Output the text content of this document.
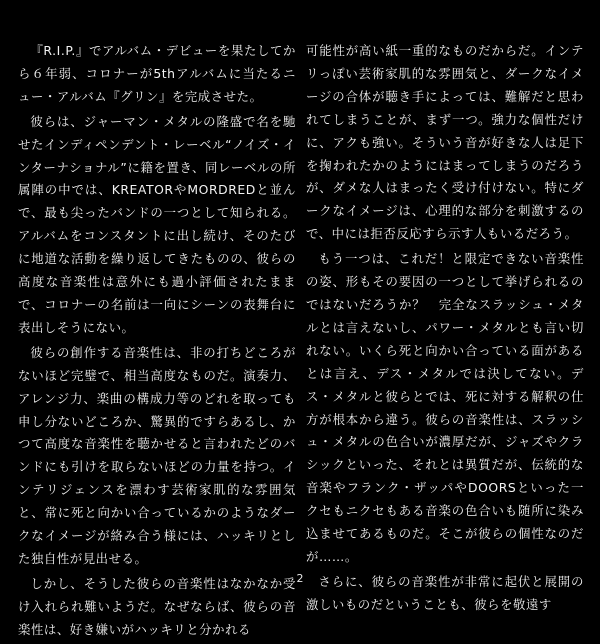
『R.I.P.』でアルバム・デビューを果たしてから６年弱、コロナーが5thアルバムに当たるニュー・アルバム『グリン』を完成させた。

彼らは、ジャーマン・メタルの隆盛で名を馳せたインディペンデント・レーベル“ノイズ・インターナショナル”に籍を置き、同レーベルの所属陣の中では、KREATORやMORDREDと並んで、最も尖ったバンドの一つとして知られる。アルバムをコンスタントに出し続け、そのたびに地道な活動を繰り返してきたものの、彼らの高度な音楽性は意外にも過小評価されたままで、コロナーの名前は一向にシーンの表舞台に表出しそうにない。

彼らの創作する音楽性は、非の打ちどころがないほど完璧で、相当高度なものだ。演奏力、アレンジ力、楽曲の構成力等のどれを取っても申し分ないどころか、驚異的ですらあるし、かつて高度な音楽性を聴かせると言われたどのバンドにも引けを取らないほどの力量を持つ。インテリジェンスを漂わす芸術家肌的な雰囲気と、常に死と向かい合っているかのようなダークなイメージが絡み合う様には、ハッキリとした独自性が見出せる。

しかし、そうした彼らの音楽性はなかなか受け入れられ難いようだ。なぜならば、彼らの音楽性は、好き嫌いがハッキリと分かれる

可能性が高い紙一重的なものだからだ。インテリっぽい芸術家肌的な雰囲気と、ダークなイメージの合体が聴き手によっては、難解だと思われてしまうことが、まず一つ。強力な個性だけに、アクも強い。そういう音が好きな人は足下を掬われたかのようにはまってしまうのだろうが、ダメな人はまったく受け付けない。特にダークなイメージは、心理的な部分を刺激するので、中には拒否反応すら示す人もいるだろう。

もう一つは、これだ！と限定できない音楽性の姿、形もその要因の一つとして挙げられるのではないだろうか？　完全なスラッシュ・メタルとは言えないし、パワー・メタルとも言い切れない。いくら死と向かい合っている面があるとは言え、デス・メタルでは決してない。デス・メタルと彼らとでは、死に対する解釈の仕方が根本から違う。彼らの音楽性は、スラッシュ・メタルの色合いが濃厚だが、ジャズやクラシックといった、それとは異質だが、伝統的な音楽やフランク・ザッパやDOORSといった一クセもニクセもある音楽の色合いも随所に染み込ませてあるものだ。そこが彼らの個性なのだが……。

さらに、彼らの音楽性が非常に起伏と展開の激しいものだということも、彼らを敬遠す

2
